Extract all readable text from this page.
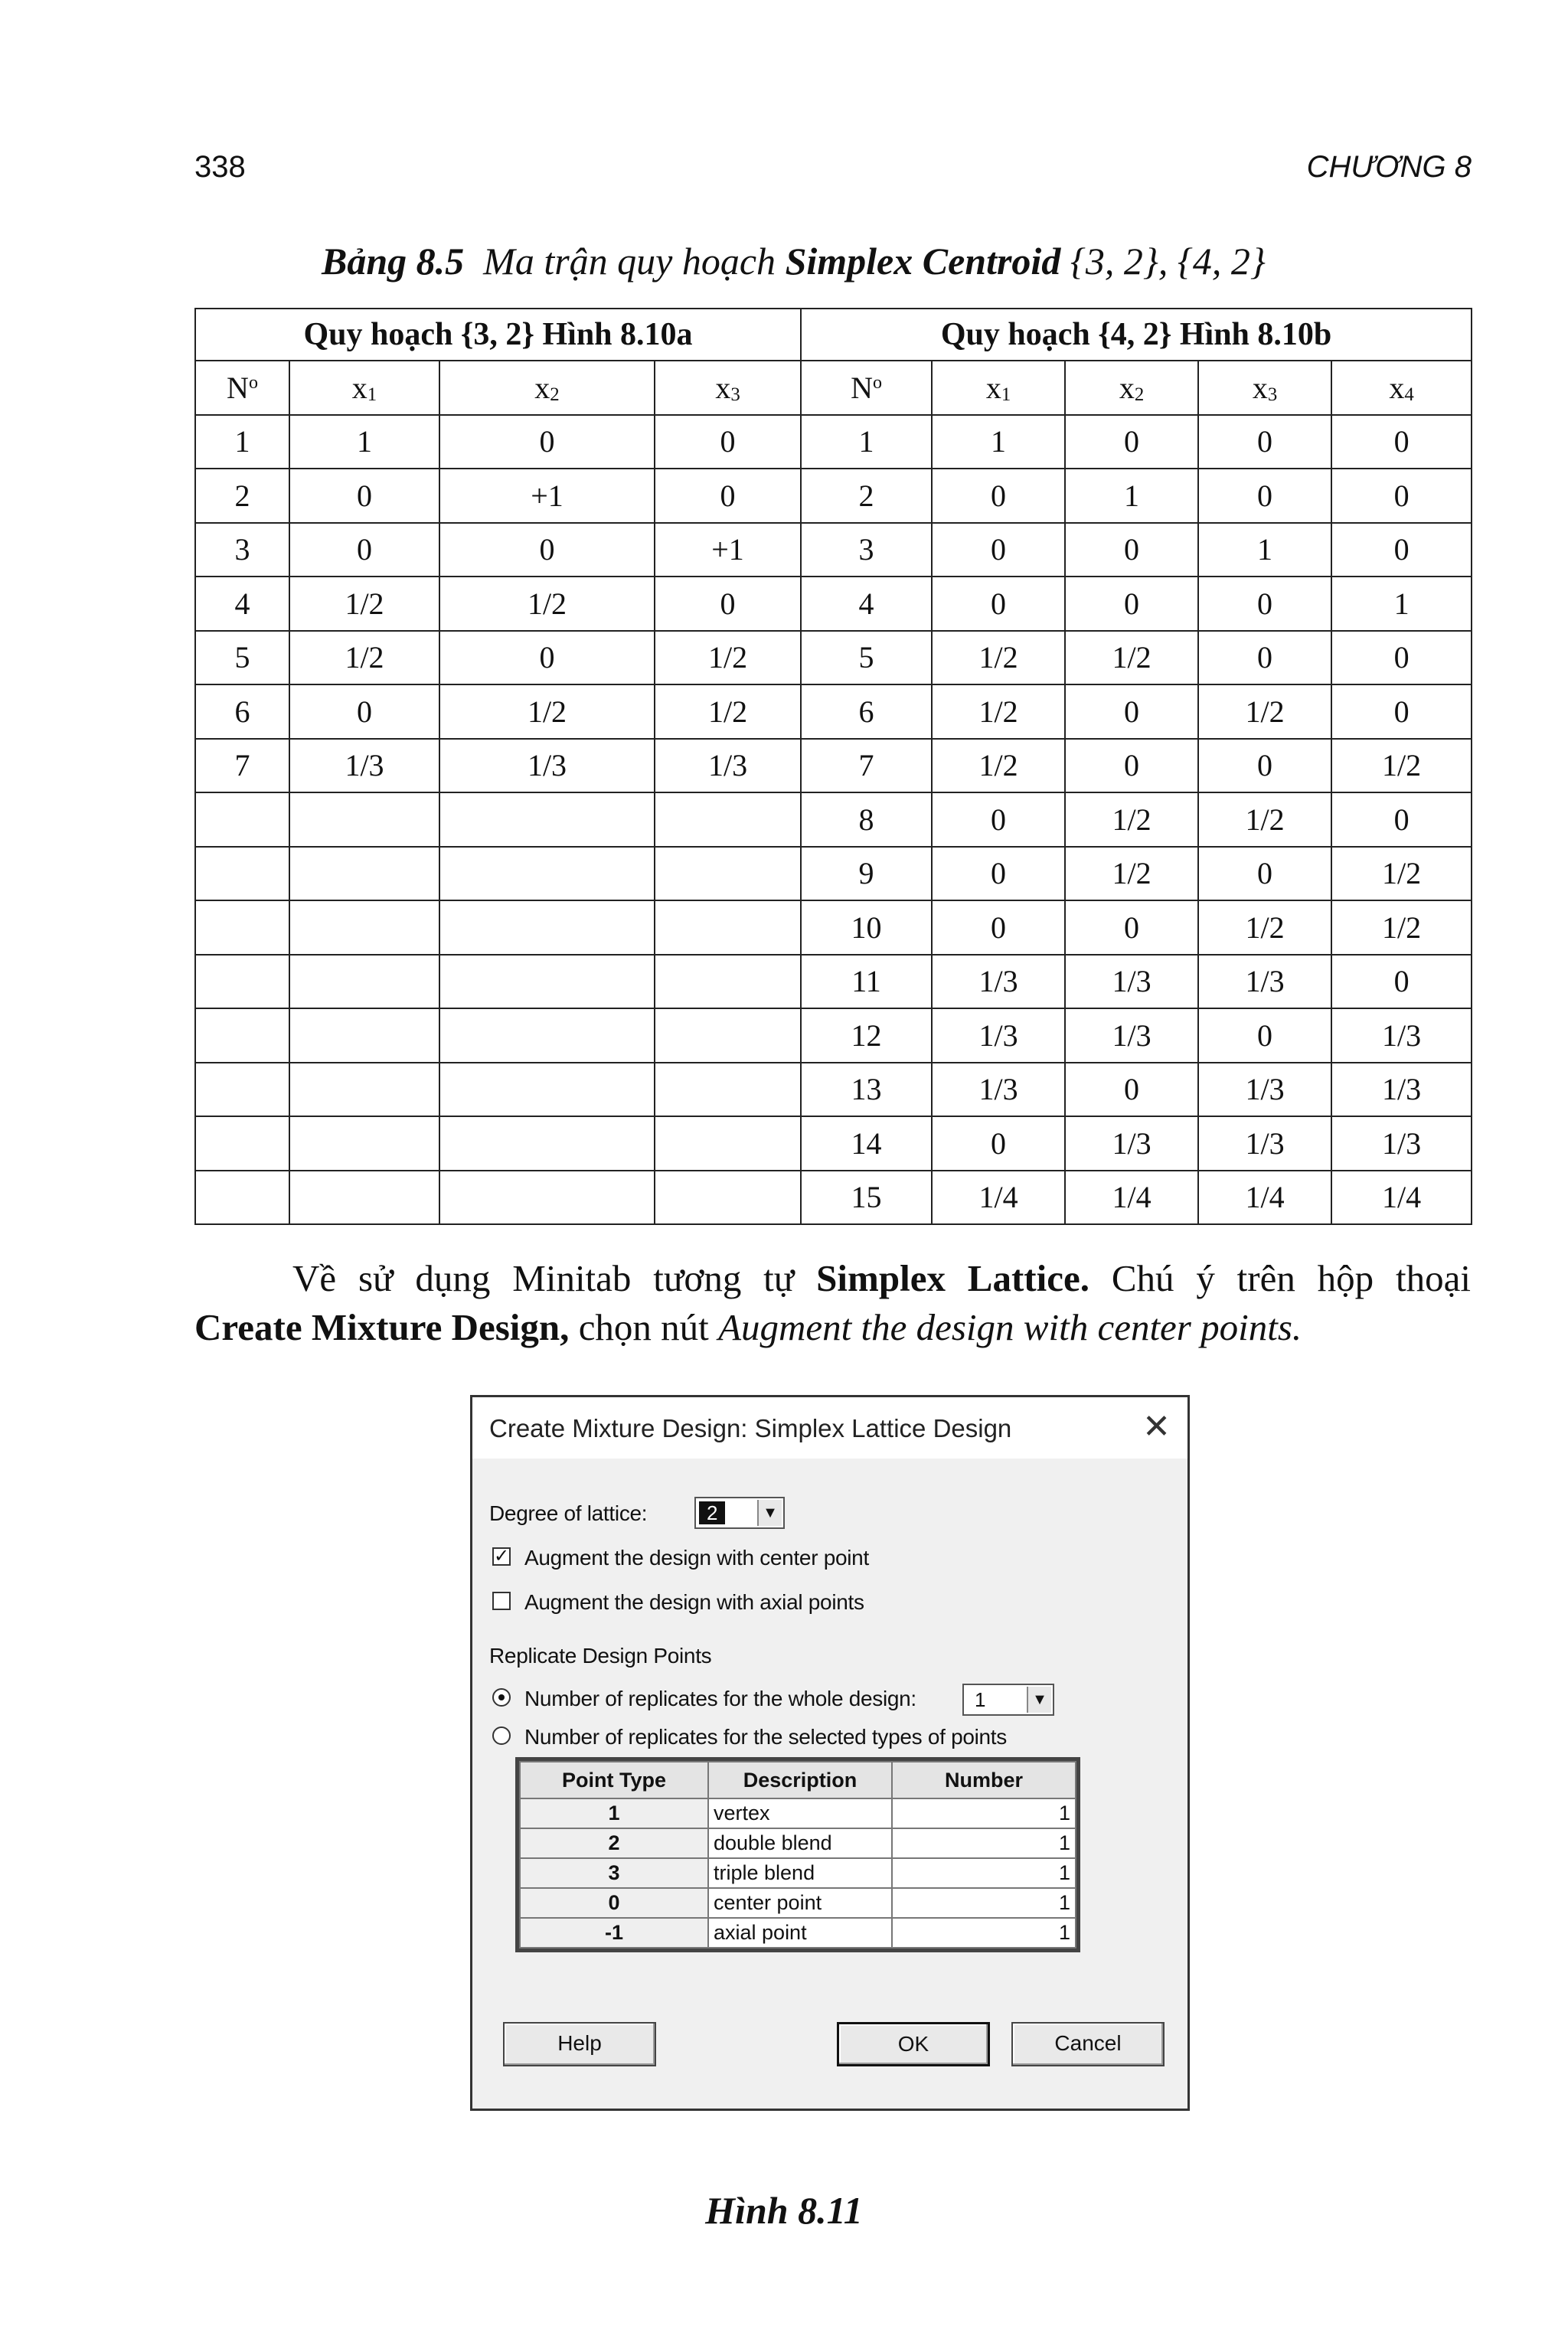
338	CHƯƠNG 8
Bảng 8.5 Ma trận quy hoạch Simplex Centroid {3, 2}, {4, 2}
Quy hoạch {3, 2} Hình 8.10a				Quy hoạch {4, 2} Hình 8.10b				
$N^o$	x1	x2	x3	$N^o$	x1	x2	x3	x4
1	1	0	0	1	1	0	0	0
2	0	+1	0	2	0	1	0	0
3	0	0	+1	3	0	0	1	0
4	1/2	1/2	0	4	0	0	0	1
5	1/2	0	1/2	5	1/2	1/2	0	0
6	0	1/2	1/2	6	1/2	0	1/2	0
7	1/3	1/3	1/3	7	1/2	0	0	1/2
				8	0	1/2	1/2	0
				9	0	1/2	0	1/2
				10	0	0	1/2	1/2
				11	1/3	1/3	1/3	0
				12	1/3	1/3	0	1/3
				13	1/3	0	1/3	1/3
				14	0	1/3	1/3	1/3
				15	1/4	1/4	1/4	1/4
Về sử dụng Minitab tương tự Simplex Lattice. Chú ý trên hộp thoại
Create Mixture Design, chọn nút Augment the design with center points.
Create Mixture Design: Simplex Lattice Design	✕
Degree of lattice:	2	▼
✓ Augment the design with center point
Augment the design with axial points
Replicate Design Points
Number of replicates for the whole design:	1	▼
Number of replicates for the selected types of points
Help	OK	Cancel
Point Type	Description	Number
1	vertex	1
2	double blend	1
3	triple blend	1
0	center point	1
-1	axial point	1
Hình 8.11
